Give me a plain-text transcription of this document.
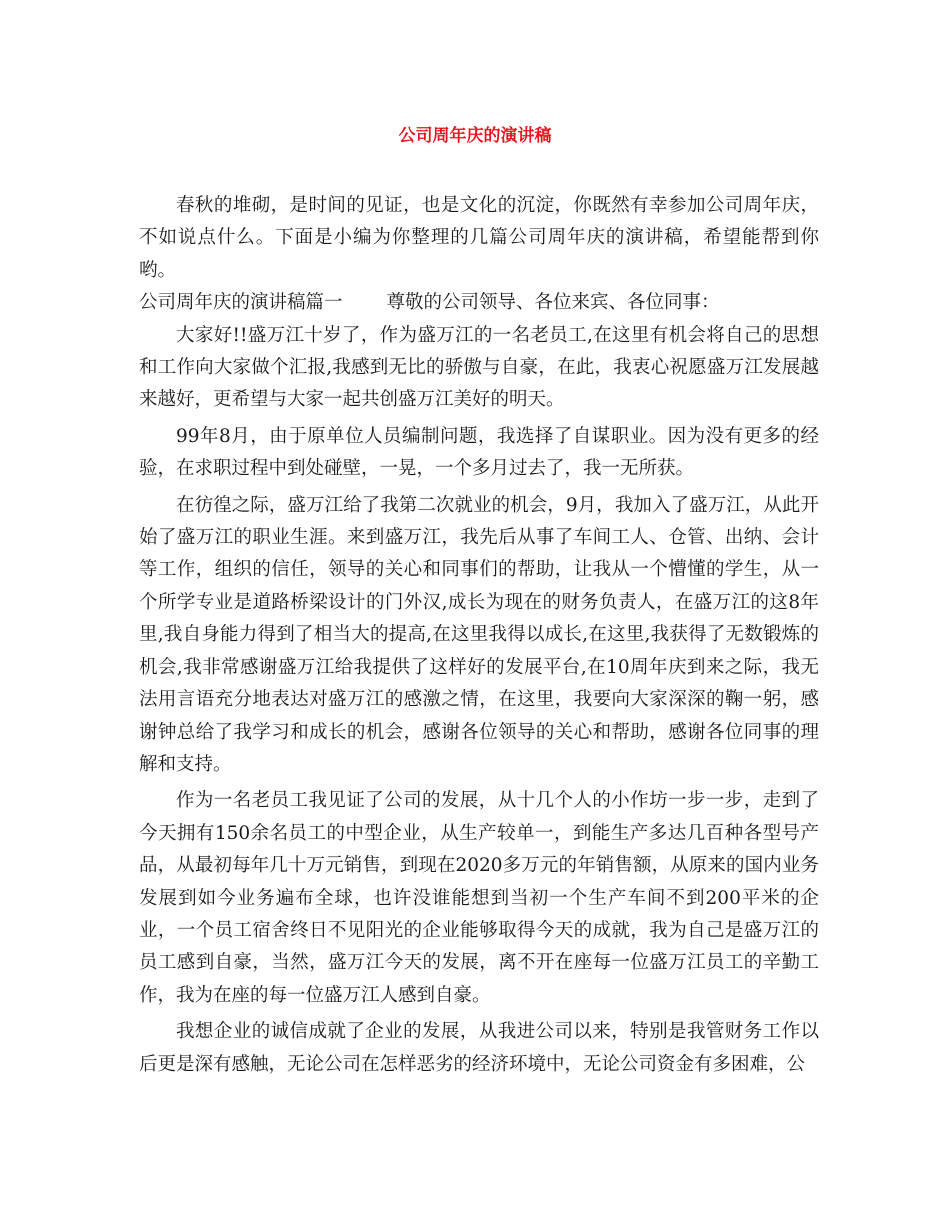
公司周年庆的演讲稿

春秋的堆砌，是时间的见证，也是文化的沉淀，你既然有幸参加公司周年庆，不如说点什么。下面是小编为你整理的几篇公司周年庆的演讲稿，希望能帮到你哟。

公司周年庆的演讲稿篇一 尊敬的公司领导、各位来宾、各位同事：

大家好!!盛万江十岁了，作为盛万江的一名老员工,在这里有机会将自己的思想和工作向大家做个汇报,我感到无比的骄傲与自豪，在此，我衷心祝愿盛万江发展越来越好，更希望与大家一起共创盛万江美好的明天。

99年8月，由于原单位人员编制问题，我选择了自谋职业。因为没有更多的经验，在求职过程中到处碰壁，一晃，一个多月过去了，我一无所获。

在彷徨之际，盛万江给了我第二次就业的机会，9月，我加入了盛万江，从此开始了盛万江的职业生涯。来到盛万江，我先后从事了车间工人、仓管、出纳、会计等工作，组织的信任，领导的关心和同事们的帮助，让我从一个懵懂的学生，从一个所学专业是道路桥梁设计的门外汉,成长为现在的财务负责人，在盛万江的这8年里,我自身能力得到了相当大的提高,在这里我得以成长,在这里,我获得了无数锻炼的机会,我非常感谢盛万江给我提供了这样好的发展平台,在10周年庆到来之际，我无法用言语充分地表达对盛万江的感激之情，在这里，我要向大家深深的鞠一躬，感谢钟总给了我学习和成长的机会，感谢各位领导的关心和帮助，感谢各位同事的理解和支持。

作为一名老员工我见证了公司的发展，从十几个人的小作坊一步一步，走到了今天拥有150余名员工的中型企业，从生产较单一，到能生产多达几百种各型号产品，从最初每年几十万元销售，到现在2020多万元的年销售额，从原来的国内业务发展到如今业务遍布全球，也许没谁能想到当初一个生产车间不到200平米的企业，一个员工宿舍终日不见阳光的企业能够取得今天的成就，我为自己是盛万江的员工感到自豪，当然，盛万江今天的发展，离不开在座每一位盛万江员工的辛勤工作，我为在座的每一位盛万江人感到自豪。

我想企业的诚信成就了企业的发展，从我进公司以来，特别是我管财务工作以后更是深有感触，无论公司在怎样恶劣的经济环境中，无论公司资金有多困难，公
